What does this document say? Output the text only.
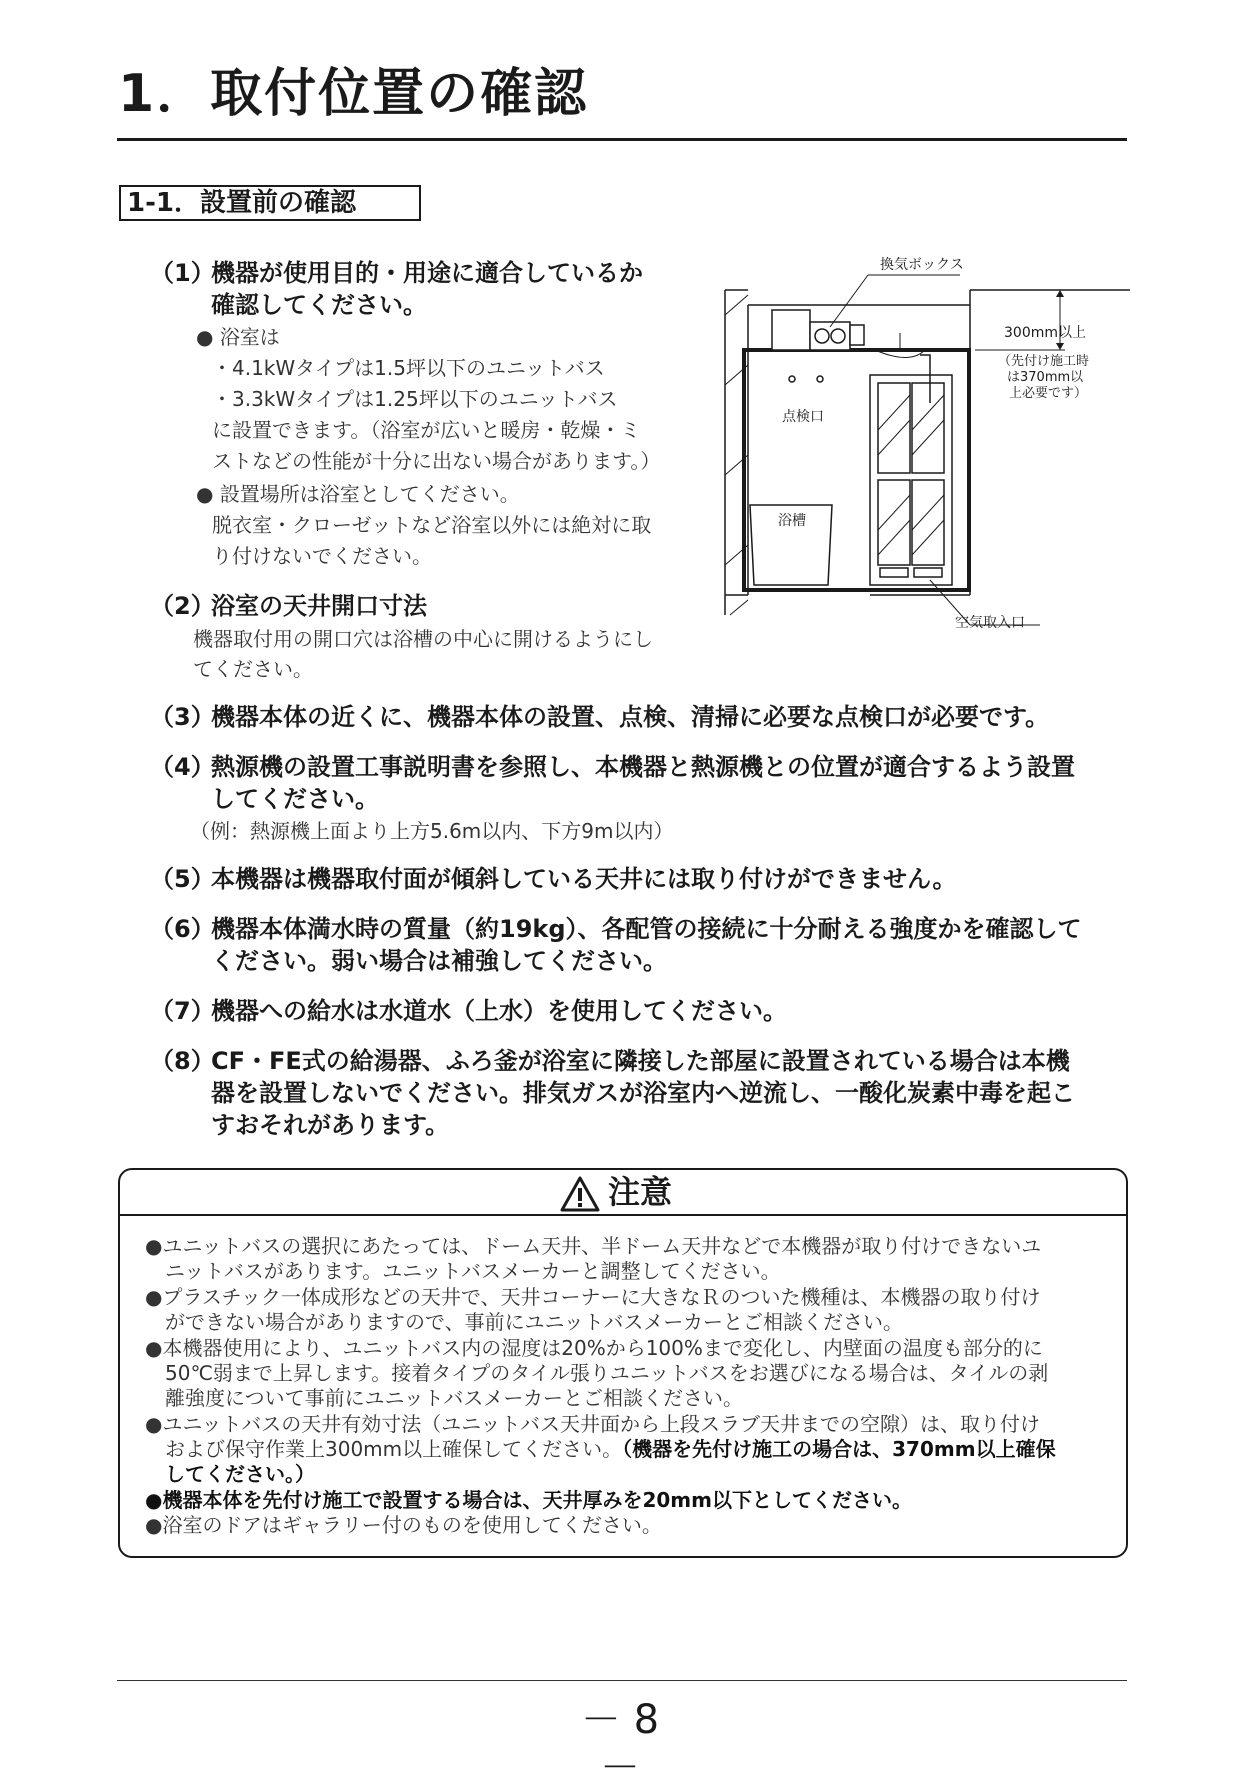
1．取付位置の確認
1-1．設置前の確認
（1）
機器が使用目的・用途に適合しているか
確認してください。
● 浴室は
・4.1kWタイプは1.5坪以下のユニットバス
・3.3kWタイプは1.25坪以下のユニットバス
に設置できます。（浴室が広いと暖房・乾燥・ミ
ストなどの性能が十分に出ない場合があります。）
● 設置場所は浴室としてください。
脱衣室・クローゼットなど浴室以外には絶対に取
り付けないでください。
（2）
浴室の天井開口寸法
機器取付用の開口穴は浴槽の中心に開けるようにし
てください。
換気ボックス
300mm以上
（先付け施工時
は370mm以
上必要です）
点検口
浴槽
空気取入口
（3）
機器本体の近くに、機器本体の設置、点検、清掃に必要な点検口が必要です。
（4）
熱源機の設置工事説明書を参照し、本機器と熱源機との位置が適合するよう設置
してください。
（例：熱源機上面より上方5.6m以内、下方9m以内）
（5）
本機器は機器取付面が傾斜している天井には取り付けができません。
（6）
機器本体満水時の質量（約19kg）、各配管の接続に十分耐える強度かを確認して
ください。弱い場合は補強してください。
（7）
機器への給水は水道水（上水）を使用してください。
（8）
CF・FE式の給湯器、ふろ釜が浴室に隣接した部屋に設置されている場合は本機
器を設置しないでください。排気ガスが浴室内へ逆流し、一酸化炭素中毒を起こ
すおそれがあります。
注意
●ユニットバスの選択にあたっては、ドーム天井、半ドーム天井などで本機器が取り付けできないユ
　ニットバスがあります。ユニットバスメーカーと調整してください。
●プラスチック一体成形などの天井で、天井コーナーに大きなＲのついた機種は、本機器の取り付け
　ができない場合がありますので、事前にユニットバスメーカーとご相談ください。
●本機器使用により、ユニットバス内の湿度は20%から100%まで変化し、内壁面の温度も部分的に
　50℃弱まで上昇します。接着タイプのタイル張りユニットバスをお選びになる場合は、タイルの剥
　離強度について事前にユニットバスメーカーとご相談ください。
●ユニットバスの天井有効寸法（ユニットバス天井面から上段スラブ天井までの空隙）は、取り付け
　および保守作業上300mm以上確保してください。（機器を先付け施工の場合は、370mm以上確保
　してください。）
●機器本体を先付け施工で設置する場合は、天井厚みを20mm以下としてください。
●浴室のドアはギャラリー付のものを使用してください。
－ 8 －
